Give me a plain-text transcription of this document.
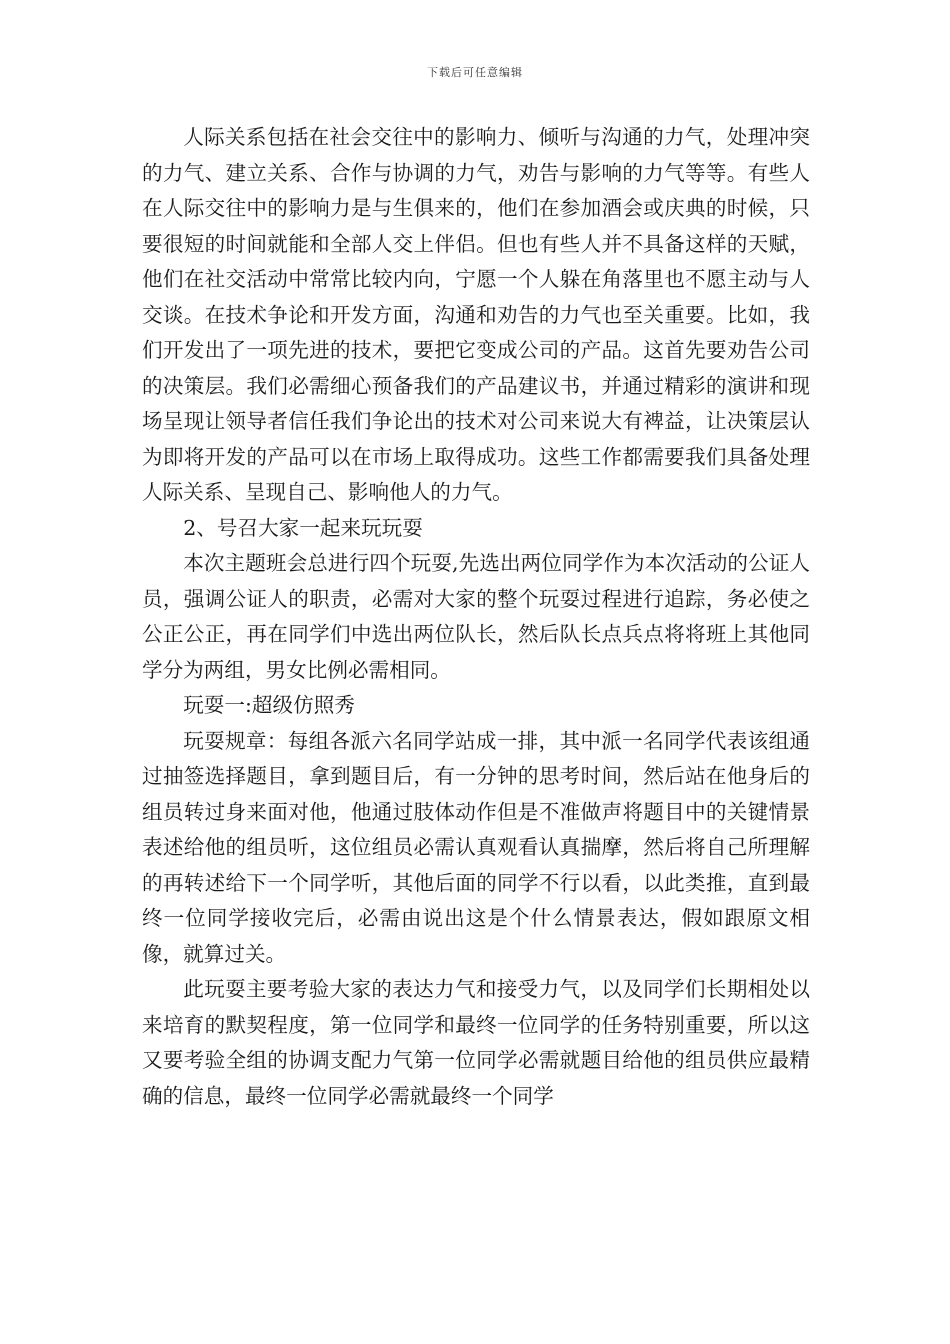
下载后可任意编辑

人际关系包括在社会交往中的影响力、倾听与沟通的力气，处理冲突的力气、建立关系、合作与协调的力气，劝告与影响的力气等等。有些人在人际交往中的影响力是与生俱来的，他们在参加酒会或庆典的时候，只要很短的时间就能和全部人交上伴侣。但也有些人并不具备这样的天赋，他们在社交活动中常常比较内向，宁愿一个人躲在角落里也不愿主动与人交谈。在技术争论和开发方面，沟通和劝告的力气也至关重要。比如，我们开发出了一项先进的技术，要把它变成公司的产品。这首先要劝告公司的决策层。我们必需细心预备我们的产品建议书，并通过精彩的演讲和现场呈现让领导者信任我们争论出的技术对公司来说大有裨益，让决策层认为即将开发的产品可以在市场上取得成功。这些工作都需要我们具备处理人际关系、呈现自己、影响他人的力气。

2、号召大家一起来玩玩耍

本次主题班会总进行四个玩耍,先选出两位同学作为本次活动的公证人员，强调公证人的职责，必需对大家的整个玩耍过程进行追踪，务必使之公正公正，再在同学们中选出两位队长，然后队长点兵点将将班上其他同学分为两组，男女比例必需相同。

玩耍一:超级仿照秀

玩耍规章：每组各派六名同学站成一排，其中派一名同学代表该组通过抽签选择题目，拿到题目后，有一分钟的思考时间，然后站在他身后的组员转过身来面对他，他通过肢体动作但是不准做声将题目中的关键情景表述给他的组员听，这位组员必需认真观看认真揣摩，然后将自己所理解的再转述给下一个同学听，其他后面的同学不行以看，以此类推，直到最终一位同学接收完后，必需由说出这是个什么情景表达，假如跟原文相像，就算过关。

此玩耍主要考验大家的表达力气和接受力气，以及同学们长期相处以来培育的默契程度，第一位同学和最终一位同学的任务特别重要，所以这又要考验全组的协调支配力气第一位同学必需就题目给他的组员供应最精确的信息，最终一位同学必需就最终一个同学
